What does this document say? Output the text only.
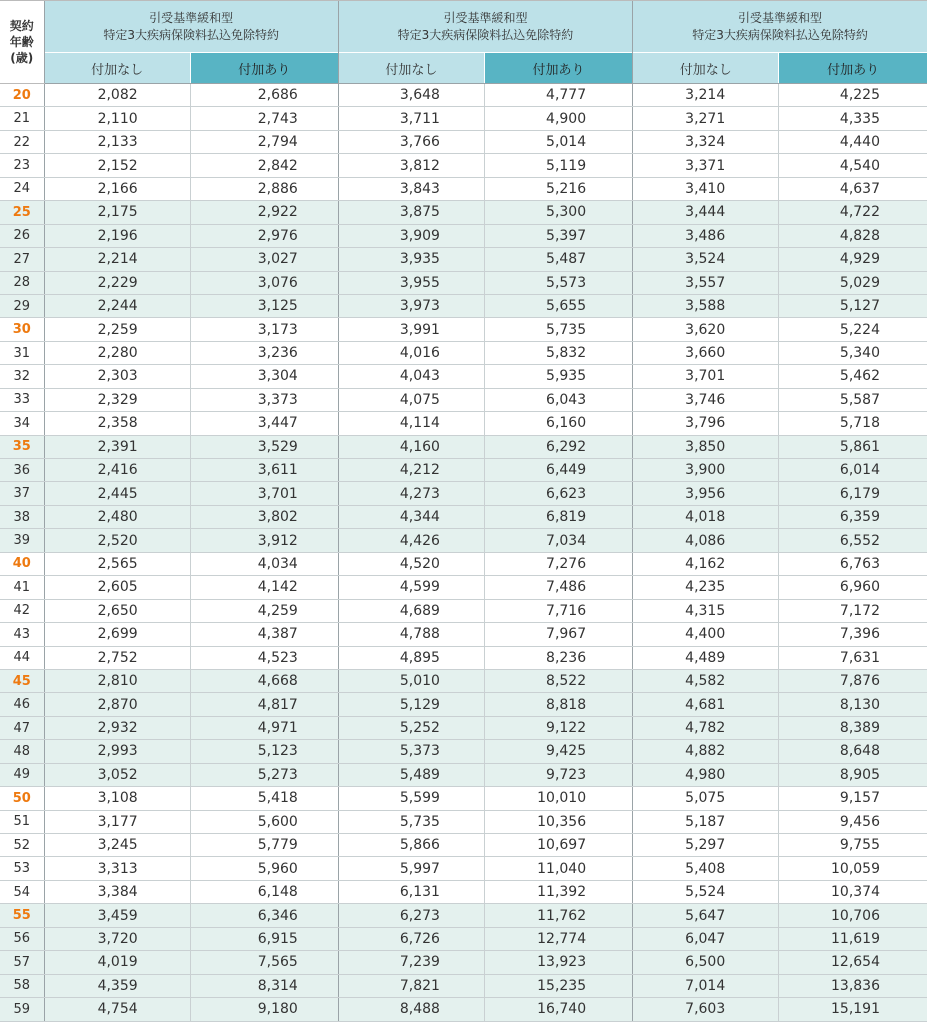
契約
年齢
(歳)	引受基準緩和型
特定3大疾病保険料払込免除特約		引受基準緩和型
特定3大疾病保険料払込免除特約		引受基準緩和型
特定3大疾病保険料払込免除特約	
	付加なし	付加あり	付加なし	付加あり	付加なし	付加あり
20	2,082	2,686	3,648	4,777	3,214	4,225
21	2,110	2,743	3,711	4,900	3,271	4,335
22	2,133	2,794	3,766	5,014	3,324	4,440
23	2,152	2,842	3,812	5,119	3,371	4,540
24	2,166	2,886	3,843	5,216	3,410	4,637
25	2,175	2,922	3,875	5,300	3,444	4,722
26	2,196	2,976	3,909	5,397	3,486	4,828
27	2,214	3,027	3,935	5,487	3,524	4,929
28	2,229	3,076	3,955	5,573	3,557	5,029
29	2,244	3,125	3,973	5,655	3,588	5,127
30	2,259	3,173	3,991	5,735	3,620	5,224
31	2,280	3,236	4,016	5,832	3,660	5,340
32	2,303	3,304	4,043	5,935	3,701	5,462
33	2,329	3,373	4,075	6,043	3,746	5,587
34	2,358	3,447	4,114	6,160	3,796	5,718
35	2,391	3,529	4,160	6,292	3,850	5,861
36	2,416	3,611	4,212	6,449	3,900	6,014
37	2,445	3,701	4,273	6,623	3,956	6,179
38	2,480	3,802	4,344	6,819	4,018	6,359
39	2,520	3,912	4,426	7,034	4,086	6,552
40	2,565	4,034	4,520	7,276	4,162	6,763
41	2,605	4,142	4,599	7,486	4,235	6,960
42	2,650	4,259	4,689	7,716	4,315	7,172
43	2,699	4,387	4,788	7,967	4,400	7,396
44	2,752	4,523	4,895	8,236	4,489	7,631
45	2,810	4,668	5,010	8,522	4,582	7,876
46	2,870	4,817	5,129	8,818	4,681	8,130
47	2,932	4,971	5,252	9,122	4,782	8,389
48	2,993	5,123	5,373	9,425	4,882	8,648
49	3,052	5,273	5,489	9,723	4,980	8,905
50	3,108	5,418	5,599	10,010	5,075	9,157
51	3,177	5,600	5,735	10,356	5,187	9,456
52	3,245	5,779	5,866	10,697	5,297	9,755
53	3,313	5,960	5,997	11,040	5,408	10,059
54	3,384	6,148	6,131	11,392	5,524	10,374
55	3,459	6,346	6,273	11,762	5,647	10,706
56	3,720	6,915	6,726	12,774	6,047	11,619
57	4,019	7,565	7,239	13,923	6,500	12,654
58	4,359	8,314	7,821	15,235	7,014	13,836
59	4,754	9,180	8,488	16,740	7,603	15,191
